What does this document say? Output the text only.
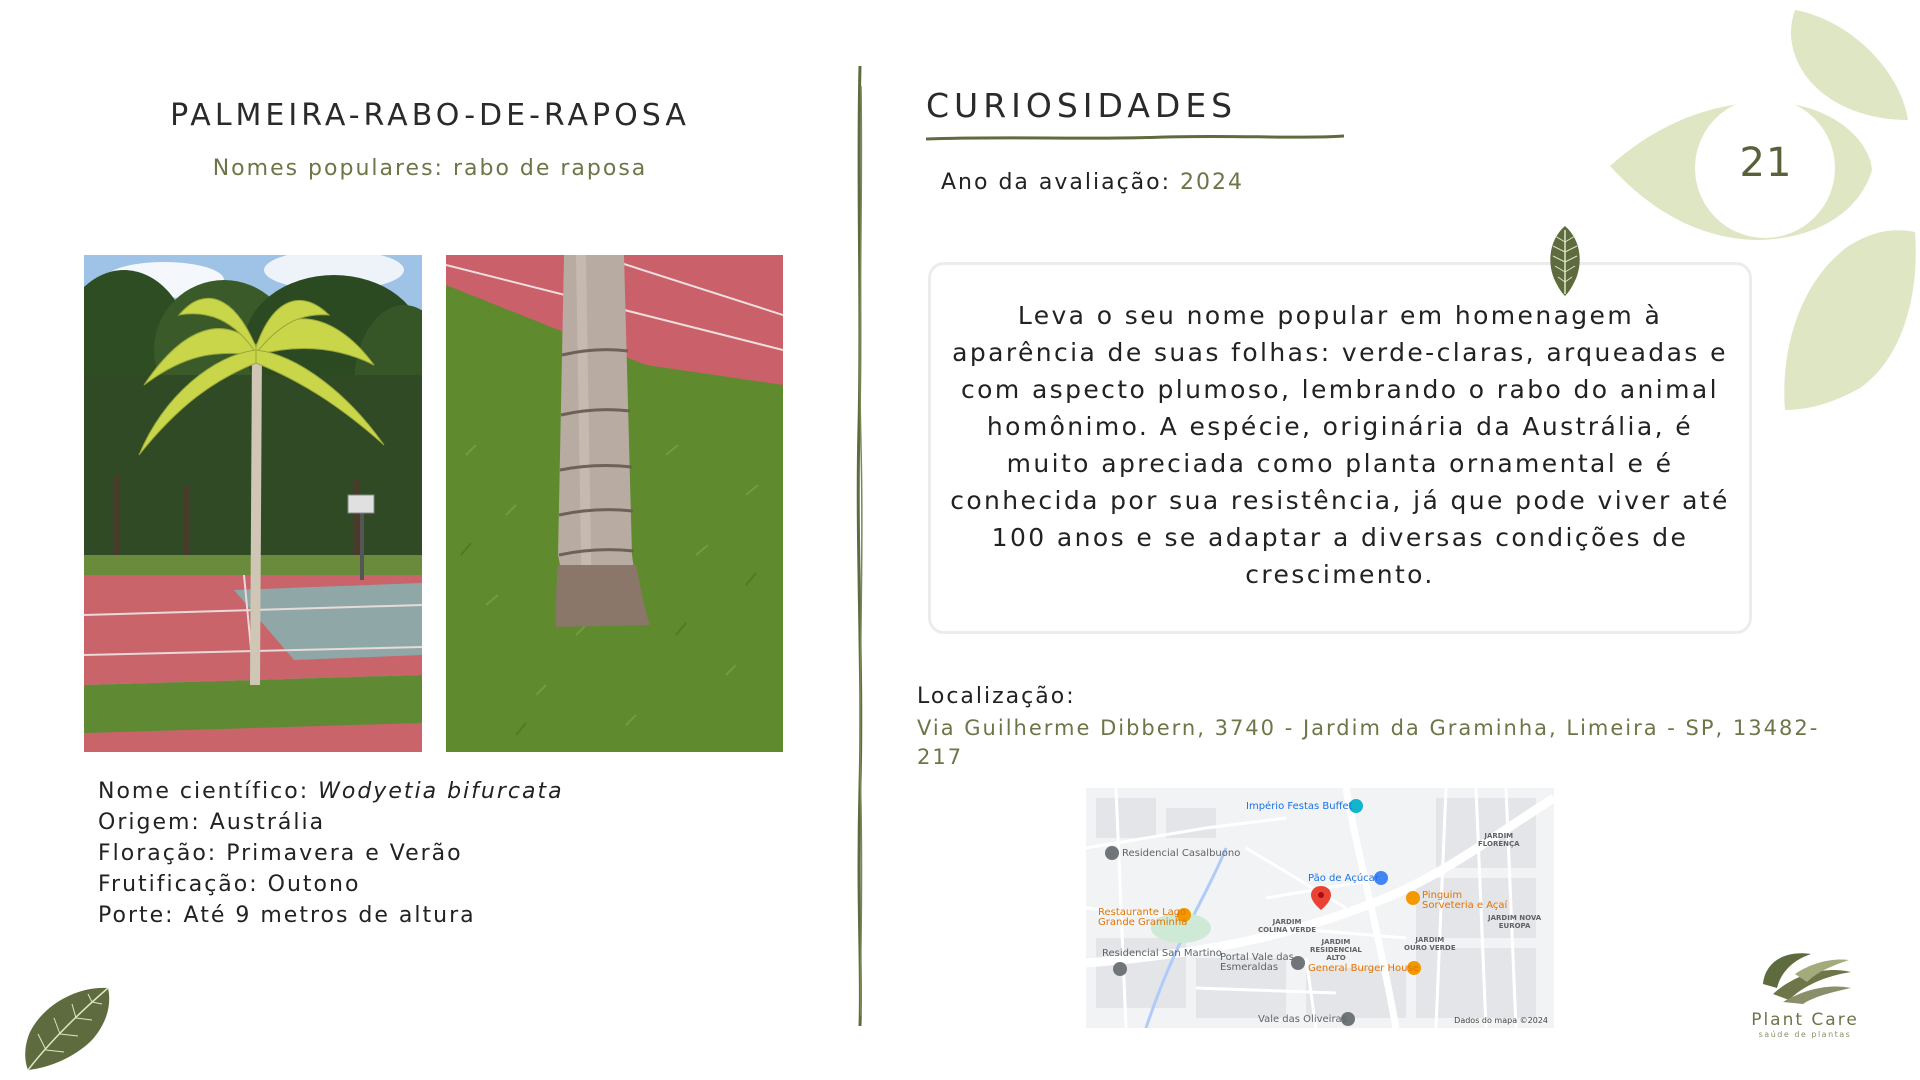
PALMEIRA-RABO-DE-RAPOSA
Nomes populares: rabo de raposa
Nome científico: Wodyetia bifurcata
Origem: Austrália
Floração: Primavera e Verão
Frutificação: Outono
Porte: Até 9 metros de altura
CURIOSIDADES
Ano da avaliação: 2024
Leva o seu nome popular em homenagem à aparência de suas folhas: verde-claras, arqueadas e com aspecto plumoso, lembrando o rabo do animal homônimo. A espécie, originária da Austrália, é muito apreciada como planta ornamental e é conhecida por sua resistência, já que pode viver até 100 anos e se adaptar a diversas condições de crescimento.
Localização:
Via Guilherme Dibbern, 3740 - Jardim da Graminha, Limeira - SP, 13482-217
Império Festas Buffet
Residencial Casalbuono
Pão de Açúcar
Restaurante Lago
Grande Graminha
Pinguim
Sorveteria e Açaí
Residencial San Martino
Portal Vale das
Esmeraldas	General Burger House
Vale das Oliveiras
JARDIM
FLORENÇA
JARDIM
COLINA VERDE
JARDIM
RESIDENCIAL
ALTO
JARDIM
OURO VERDE
JARDIM NOVA
EUROPA
Dados do mapa ©2024
21
Plant Care
saúde de plantas
